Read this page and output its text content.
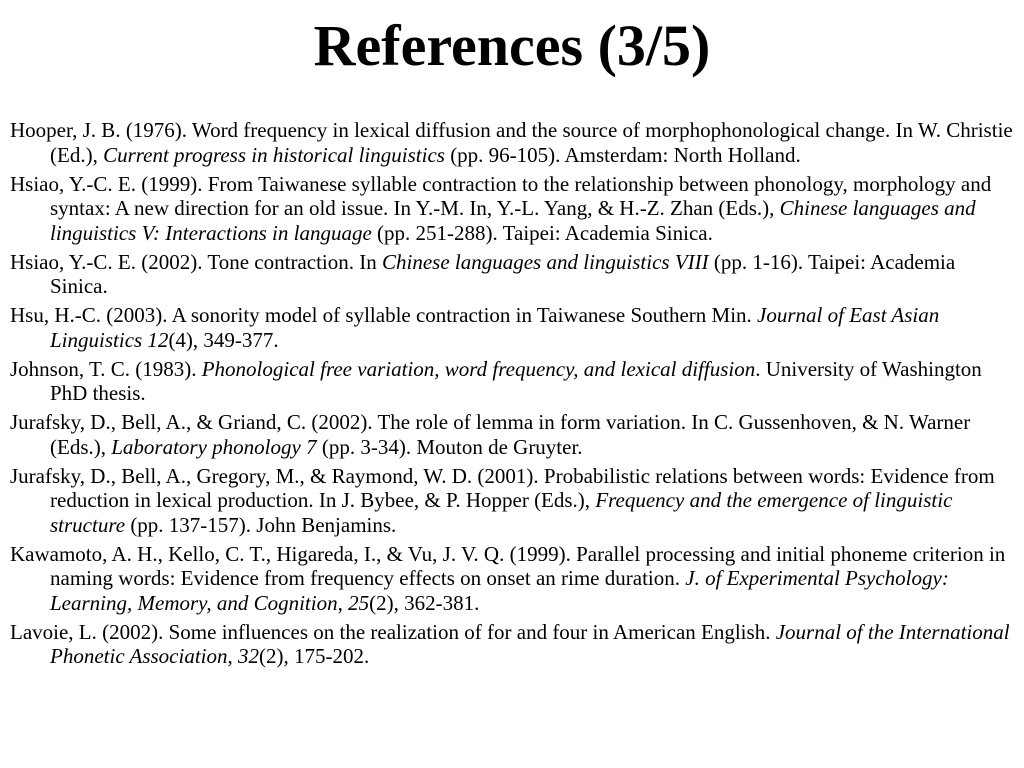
References (3/5)
Hooper, J. B. (1976). Word frequency in lexical diffusion and the source of morphophonological change. In W. Christie (Ed.), Current progress in historical linguistics (pp. 96-105). Amsterdam: North Holland.
Hsiao, Y.-C. E. (1999). From Taiwanese syllable contraction to the relationship between phonology, morphology and syntax: A new direction for an old issue. In Y.-M. In, Y.-L. Yang, & H.-Z. Zhan (Eds.), Chinese languages and linguistics V: Interactions in language (pp. 251-288). Taipei: Academia Sinica.
Hsiao, Y.-C. E. (2002). Tone contraction. In Chinese languages and linguistics VIII (pp. 1-16). Taipei: Academia Sinica.
Hsu, H.-C. (2003). A sonority model of syllable contraction in Taiwanese Southern Min. Journal of East Asian Linguistics 12(4), 349-377.
Johnson, T. C. (1983). Phonological free variation, word frequency, and lexical diffusion. University of Washington PhD thesis.
Jurafsky, D., Bell, A., & Griand, C. (2002). The role of lemma in form variation. In C. Gussenhoven, & N. Warner (Eds.), Laboratory phonology 7 (pp. 3-34). Mouton de Gruyter.
Jurafsky, D., Bell, A., Gregory, M., & Raymond, W. D. (2001). Probabilistic relations between words: Evidence from reduction in lexical production. In J. Bybee, & P. Hopper (Eds.), Frequency and the emergence of linguistic structure (pp. 137-157). John Benjamins.
Kawamoto, A. H., Kello, C. T., Higareda, I., & Vu, J. V. Q. (1999). Parallel processing and initial phoneme criterion in naming words: Evidence from frequency effects on onset an rime duration. J. of Experimental Psychology: Learning, Memory, and Cognition, 25(2), 362-381.
Lavoie, L. (2002). Some influences on the realization of for and four in American English. Journal of the International Phonetic Association, 32(2), 175-202.
